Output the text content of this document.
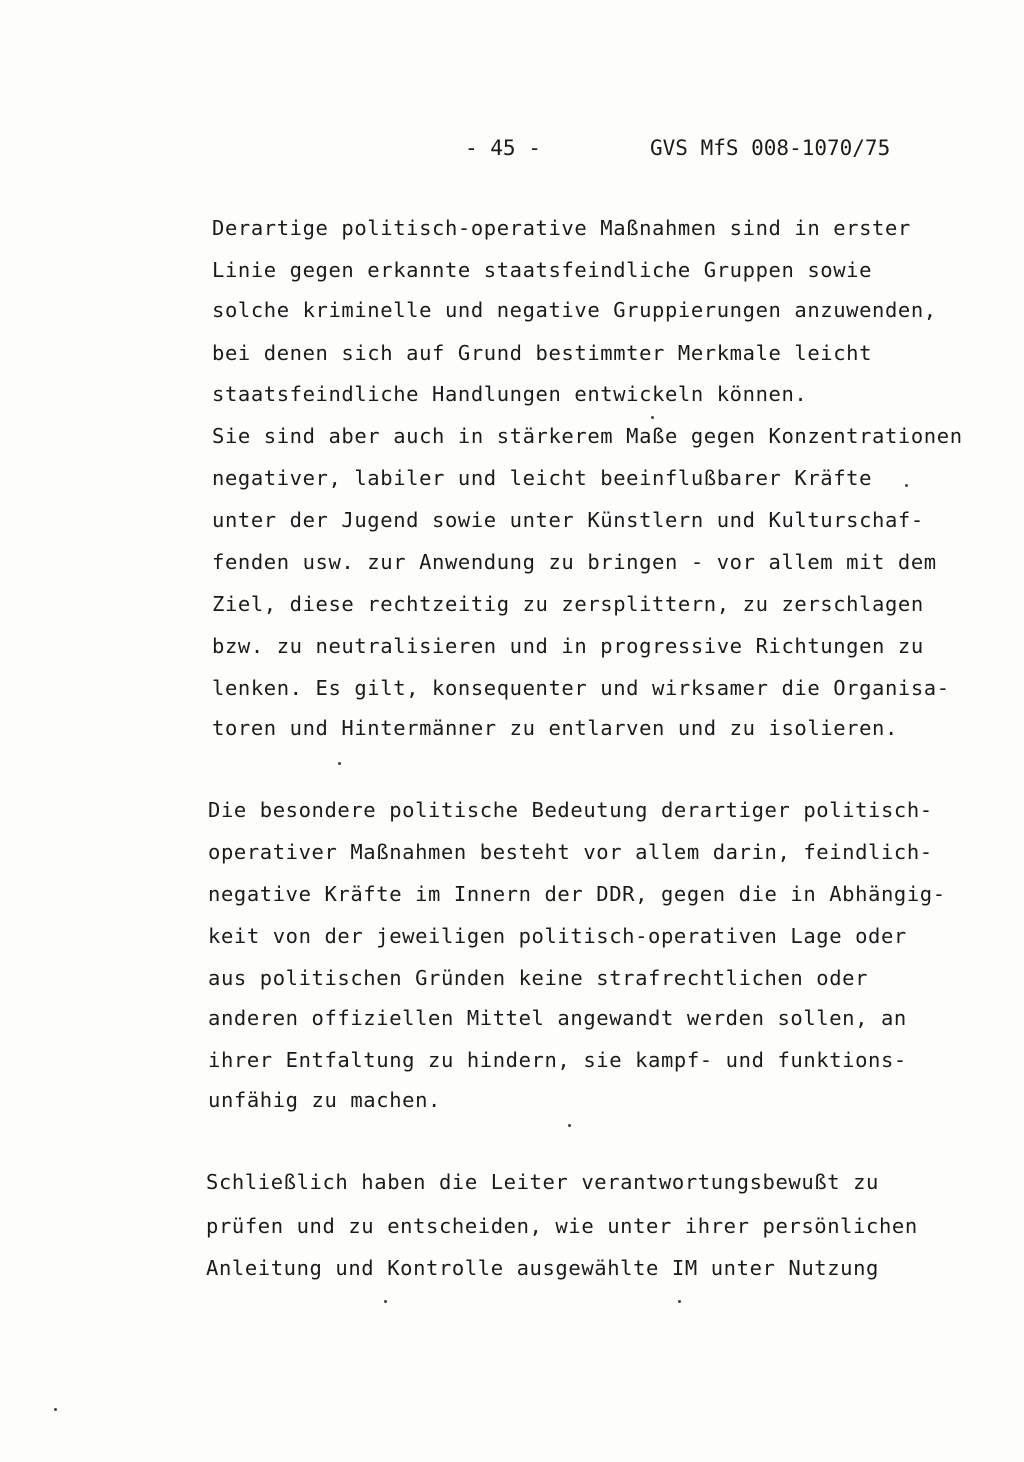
- 45 -	GVS MfS 008-1070/75
Derartige politisch-operative Maßnahmen sind in erster
Linie gegen erkannte staatsfeindliche Gruppen sowie
solche kriminelle und negative Gruppierungen anzuwenden,
bei denen sich auf Grund bestimmter Merkmale leicht
staatsfeindliche Handlungen entwickeln können.
Sie sind aber auch in stärkerem Maße gegen Konzentrationen
negativer, labiler und leicht beeinflußbarer Kräfte
unter der Jugend sowie unter Künstlern und Kulturschaf-
fenden usw. zur Anwendung zu bringen - vor allem mit dem
Ziel, diese rechtzeitig zu zersplittern, zu zerschlagen
bzw. zu neutralisieren und in progressive Richtungen zu
lenken. Es gilt, konsequenter und wirksamer die Organisa-
toren und Hintermänner zu entlarven und zu isolieren.
Die besondere politische Bedeutung derartiger politisch-
operativer Maßnahmen besteht vor allem darin, feindlich-
negative Kräfte im Innern der DDR, gegen die in Abhängig-
keit von der jeweiligen politisch-operativen Lage oder
aus politischen Gründen keine strafrechtlichen oder
anderen offiziellen Mittel angewandt werden sollen, an
ihrer Entfaltung zu hindern, sie kampf- und funktions-
unfähig zu machen.
Schließlich haben die Leiter verantwortungsbewußt zu
prüfen und zu entscheiden, wie unter ihrer persönlichen
Anleitung und Kontrolle ausgewählte IM unter Nutzung
